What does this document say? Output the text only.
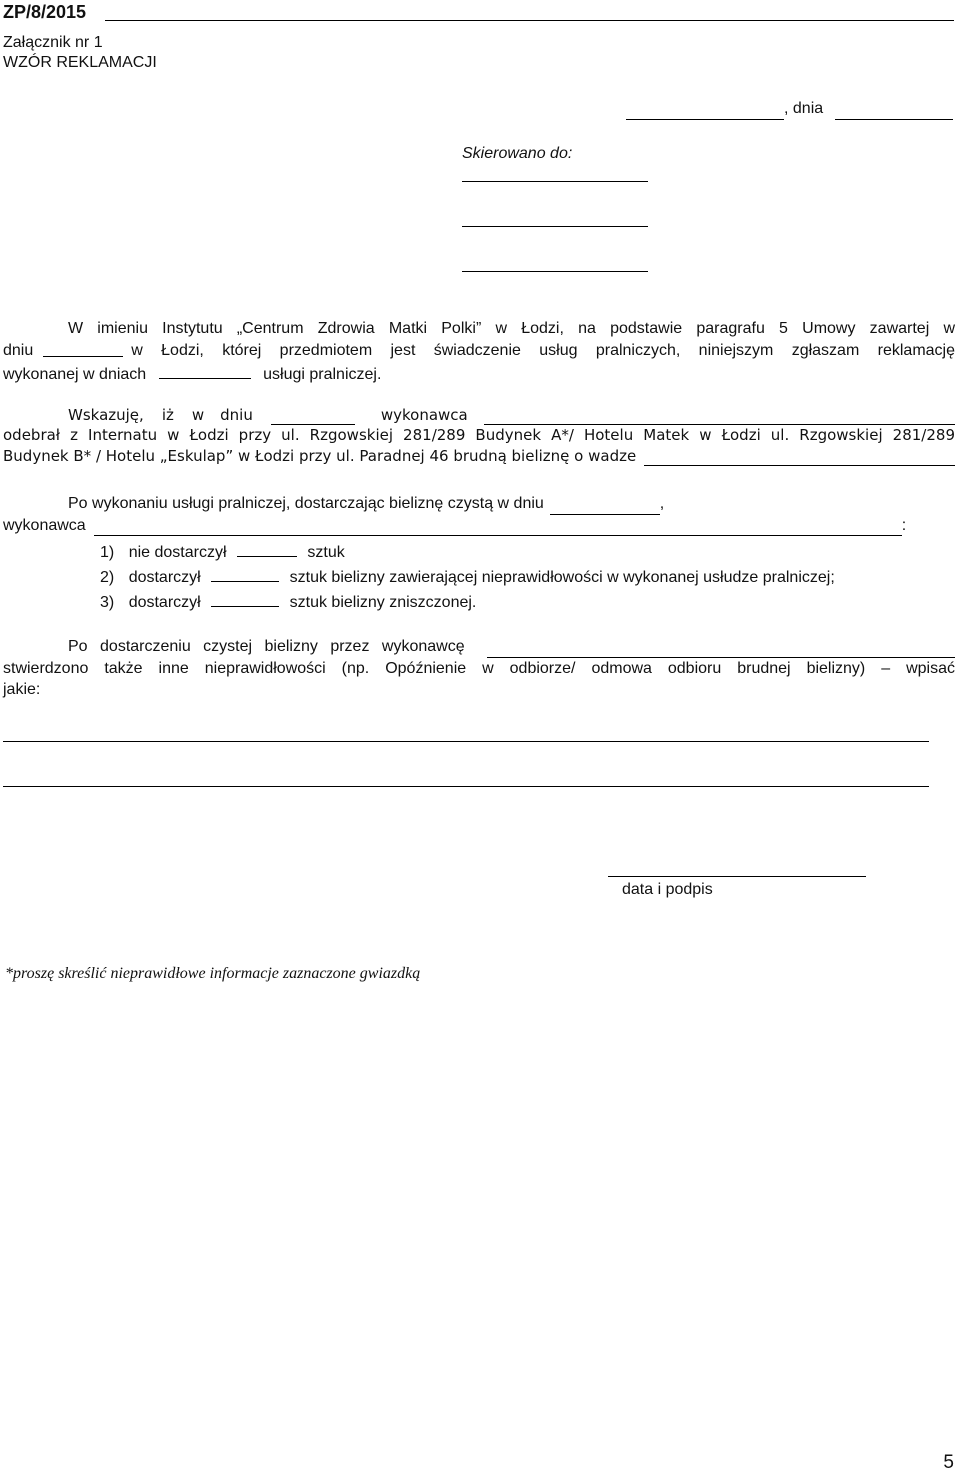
ZP/8/2015
Załącznik nr 1
WZÓR REKLAMACJI
, dnia
Skierowano do:
W imieniu Instytutu „Centrum Zdrowia Matki Polki” w Łodzi, na podstawie paragrafu 5 Umowy zawartej w
dniu	w Łodzi, której przedmiotem jest świadczenie usług pralniczych, niniejszym zgłaszam reklamację
wykonanej w dniach	usługi pralniczej.
Wskazuję, iż w dniu	wykonawca
odebrał z Internatu w Łodzi przy ul. Rzgowskiej 281/289 Budynek A*/ Hotelu Matek w Łodzi ul. Rzgowskiej 281/289
Budynek B* / Hotelu „Eskulap” w Łodzi przy ul. Paradnej 46 brudną bieliznę o wadze
Po wykonaniu usługi pralniczej, dostarczając bieliznę czystą w dniu	,
wykonawca	:
1) nie dostarczył	sztuk
2) dostarczył	sztuk bielizny zawierającej nieprawidłowości w wykonanej usłudze pralniczej;
3) dostarczył	sztuk bielizny zniszczonej.
Po dostarczeniu czystej bielizny przez wykonawcę
stwierdzono także inne nieprawidłowości (np. Opóźnienie w odbiorze/ odmowa odbioru brudnej bielizny) – wpisać
jakie:
data i podpis
*proszę skreślić nieprawidłowe informacje zaznaczone gwiazdką
5
